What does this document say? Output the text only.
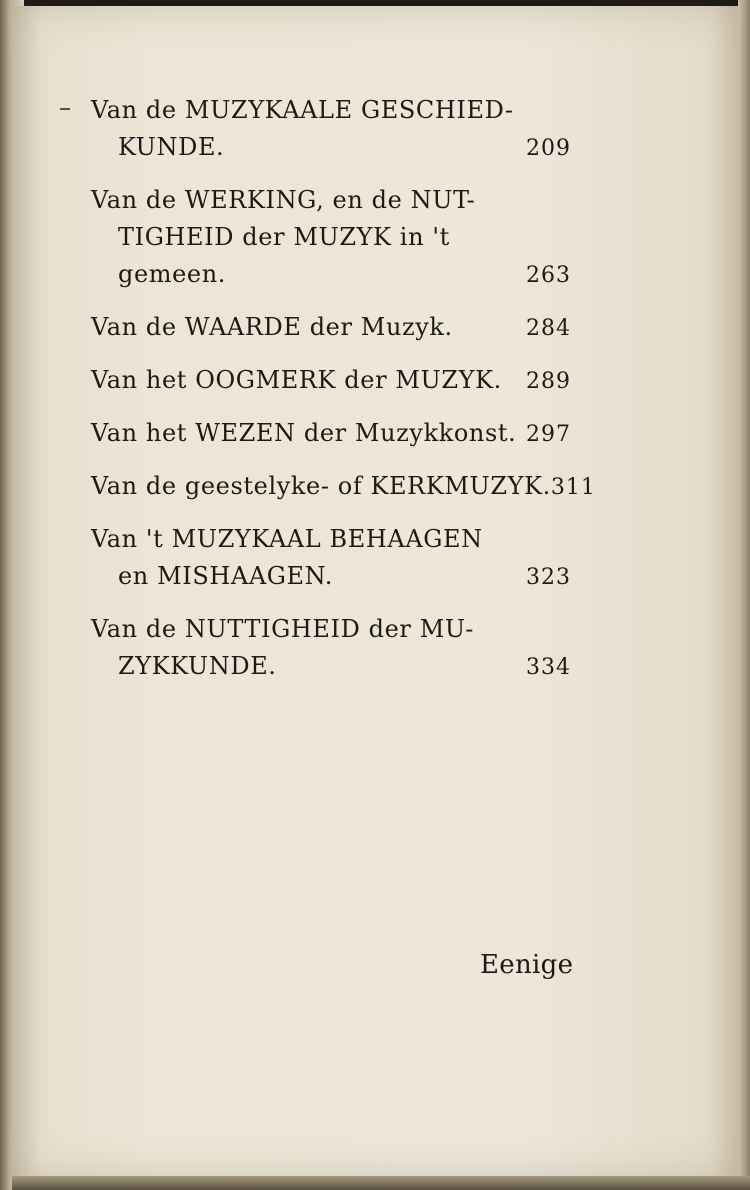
Van de MUZYKAALE GESCHIED-
KUNDE.	209
Van de WERKING, en de NUT-
TIGHEID der MUZYK in 't
gemeen.	263
Van de WAARDE der Muzyk.	284
Van het OOGMERK der MUZYK. 289
Van het WEZEN der Muzykkonst. 297
Van de geestelyke- of KERKMUZYK. 311
Van 't MUZYKAAL BEHAAGEN
en MISHAAGEN.	323
Van de NUTTIGHEID der MU-
ZYKKUNDE.	334
Eenige
